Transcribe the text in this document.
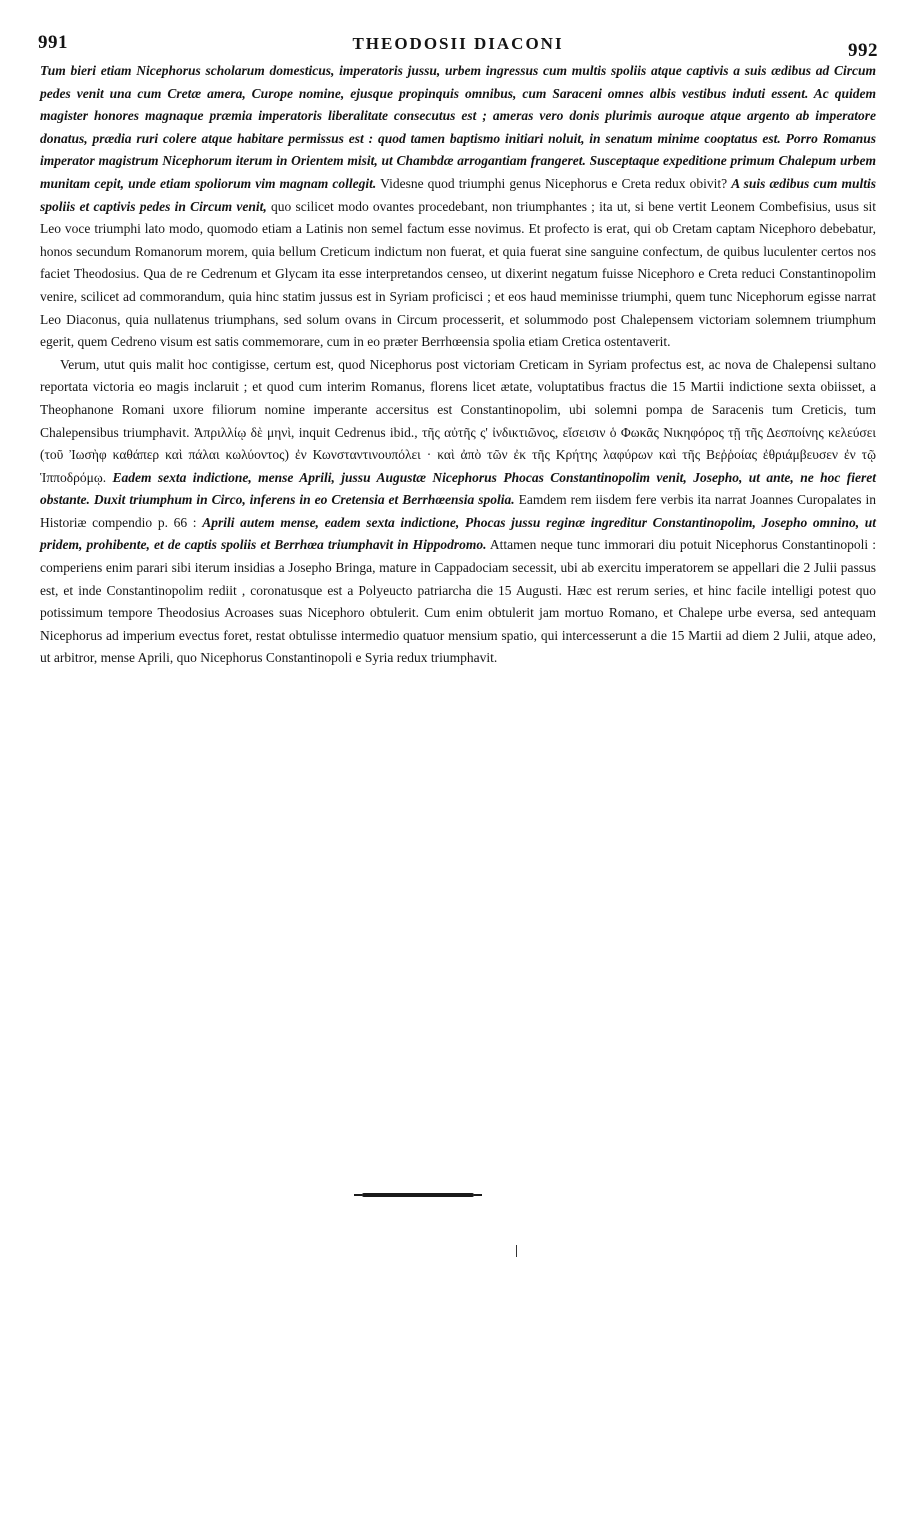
991	THEODOSII DIACONI	992

Tum bieri etiam Nicephorus scholarum domesticus, imperatoris jussu, urbem ingressus cum multis spoliis atque captivis a suis ædibus ad Circum pedes venit una cum Cretæ amera, Curope nomine, ejusque propinquis omnibus, cum Saraceni omnes albis vestibus induti essent. Ac quidem magister honores magnaque præmia imperatoris liberalitate consecutus est ; ameras vero donis plurimis auroque atque argento ab imperatore donatus, prædia ruri colere atque habitare permissus est : quod tamen baptismo initiari noluit, in senatum minime cooptatus est. Porro Romanus imperator magistrum Nicephorum iterum in Orientem misit, ut Chambdæ arrogantiam frangeret. Susceptaque expeditione primum Chalepum urbem munitam cepit, unde etiam spoliorum vim magnam collegit. Videsne quod triumphi genus Nicephorus e Creta redux obivit? A suis ædibus cum multis spoliis et captivis pedes in Circum venit, quo scilicet modo ovantes procedebant, non triumphantes ; ita ut, si bene vertit Leonem Combefisius, usus sit Leo voce triumphi lato modo, quomodo etiam a Latinis non semel factum esse novimus. Et profecto is erat, qui ob Cretam captam Nicephoro debebatur, honos secundum Romanorum morem, quia bellum Creticum indictum non fuerat, et quia fuerat sine sanguine confectum, de quibus luculenter certos nos faciet Theodosius. Qua de re Cedrenum et Glycam ita esse interpretandos censeo, ut dixerint negatum fuisse Nicephoro e Creta reduci Constantinopolim venire, scilicet ad commorandum, quia hinc statim jussus est in Syriam proficisci ; et eos haud meminisse triumphi, quem tunc Nicephorum egisse narrat Leo Diaconus, quia nullatenus triumphans, sed solum ovans in Circum processerit, et solummodo post Chalepensem victoriam solemnem triumphum egerit, quem Cedreno visum est satis commemorare, cum in eo præter Berrhœensia spolia etiam Cretica ostentaverit.

Verum, utut quis malit hoc contigisse, certum est, quod Nicephorus post victoriam Creticam in Syriam profectus est, ac nova de Chalepensi sultano reportata victoria eo magis inclaruit ; et quod cum interim Romanus, florens licet ætate, voluptatibus fractus die 15 Martii indictione sexta obiisset, a Theophanone Romani uxore filiorum nomine imperante accersitus est Constantinopolim, ubi solemni pompa de Saracenis tum Creticis, tum Chalepensibus triumphavit. Ἀπριλλίῳ δὲ μηνὶ, inquit Cedrenus ibid., τῆς αὐτῆς ς' ἰνδικτιῶνος, εἴσεισιν ὁ Φωκᾶς Νικηφόρος τῇ τῆς Δεσποίνης κελεύσει (τοῦ Ἰωσὴφ καθάπερ καὶ πάλαι κωλύοντος) ἐν Κωνσταντινουπόλει · καὶ ἀπὸ τῶν ἐκ τῆς Κρήτης λαφύρων καὶ τῆς Βεῤῥοίας ἐθριάμβευσεν ἐν τῷ Ἱπποδρόμῳ. Eadem sexta indictione, mense Aprili, jussu Augustæ Nicephorus Phocas Constantinopolim venit, Josepho, ut ante, ne hoc fieret obstante. Duxit triumphum in Circo, inferens in eo Cretensia et Berrhœensia spolia. Eamdem rem iisdem fere verbis ita narrat Joannes Curopalates in Historiæ compendio p. 66 : Aprili autem mense, eadem sexta indictione, Phocas jussu reginæ ingreditur Constantinopolim, Josepho omnino, ut pridem, prohibente, et de captis spoliis et Berrhœa triumphavit in Hippodromo. Attamen neque tunc immorari diu potuit Nicephorus Constantinopoli : comperiens enim parari sibi iterum insidias a Josepho Bringa, mature in Cappadociam secessit, ubi ab exercitu imperatorem se appellari die 2 Julii passus est, et inde Constantinopolim rediit , coronatusque est a Polyeucto patriarcha die 15 Augusti. Hæc est rerum series, et hinc facile intelligi potest quo potissimum tempore Theodosius Acroases suas Nicephoro obtulerit. Cum enim obtulerit jam mortuo Romano, et Chalepe urbe eversa, sed antequam Nicephorus ad imperium evectus foret, restat obtulisse intermedio quatuor mensium spatio, qui intercesserunt a die 15 Martii ad diem 2 Julii, atque adeo, ut arbitror, mense Aprili, quo Nicephorus Constantinopoli e Syria redux triumphavit.
